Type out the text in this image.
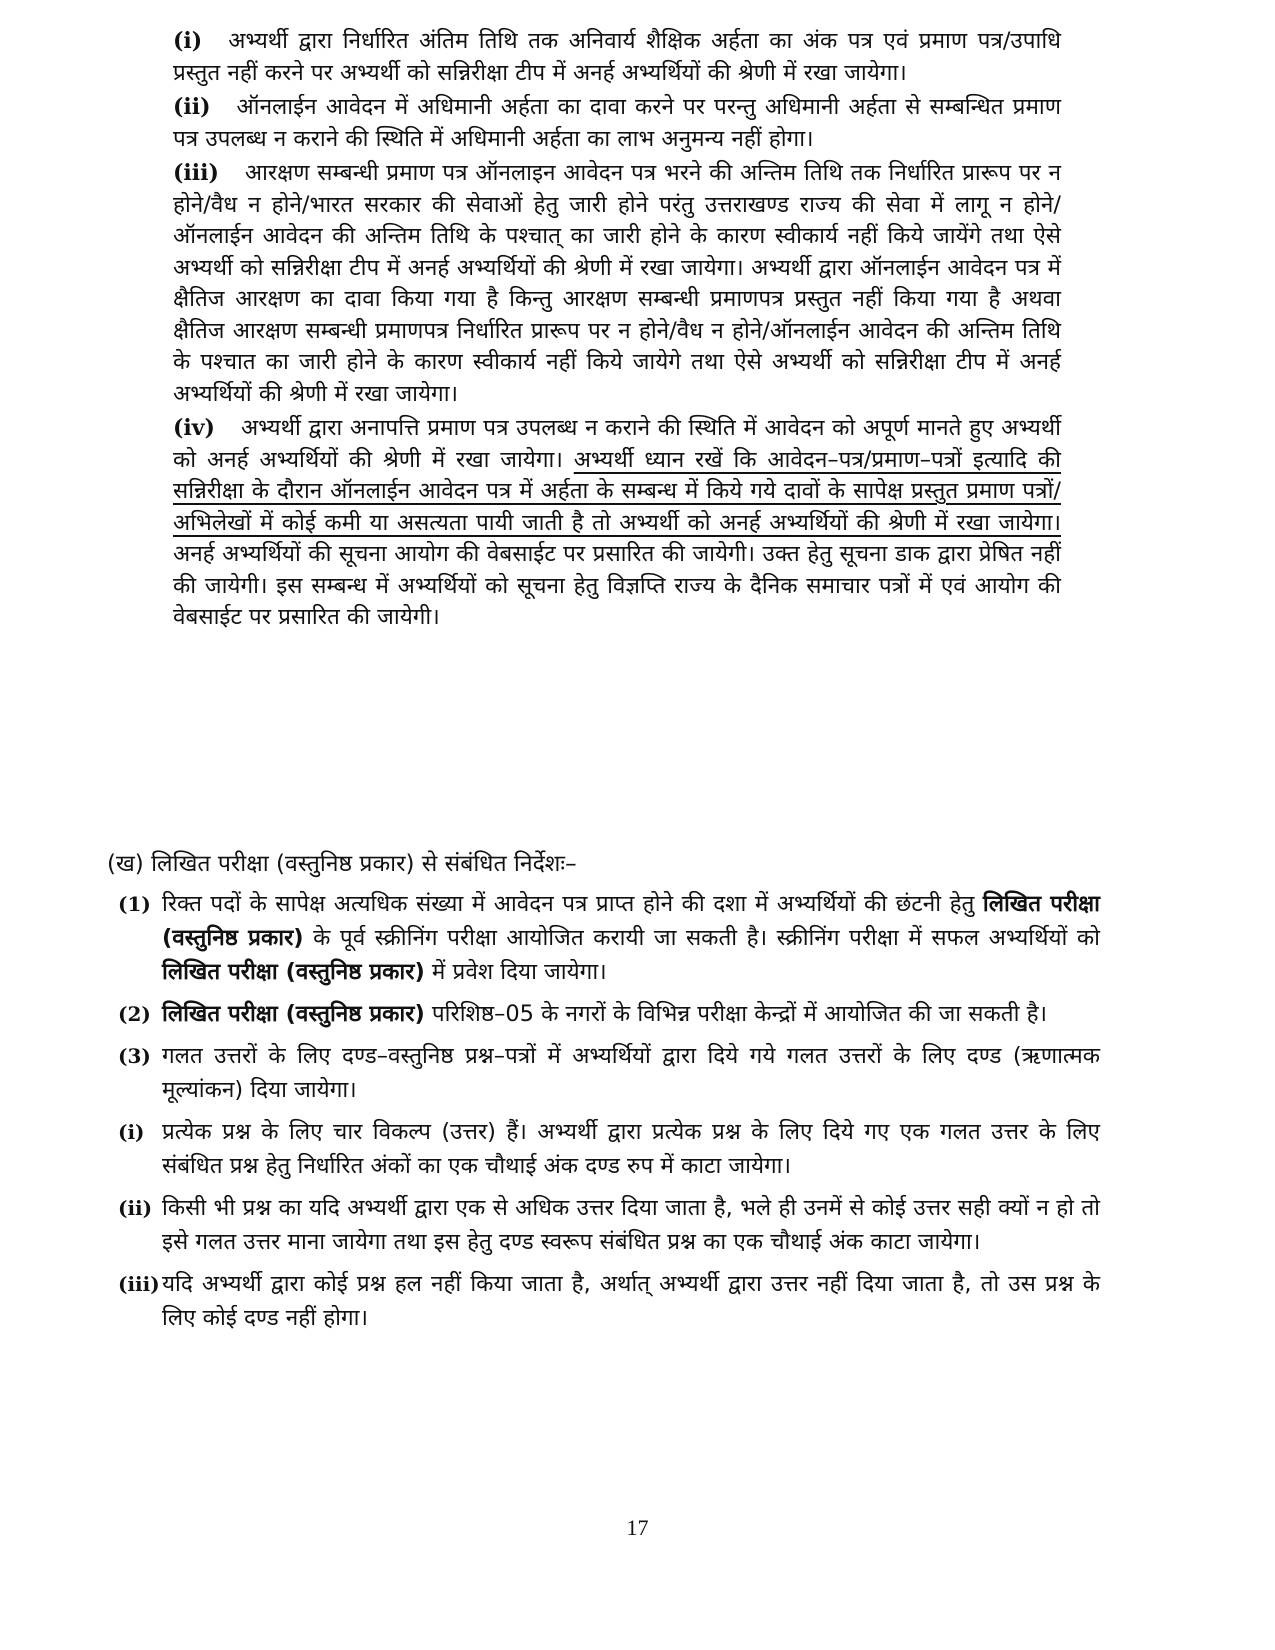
(i) अभ्यर्थी द्वारा निर्धारित अंतिम तिथि तक अनिवार्य शैक्षिक अर्हता का अंक पत्र एवं प्रमाण पत्र/उपाधि प्रस्तुत नहीं करने पर अभ्यर्थी को सन्निरीक्षा टीप में अनर्ह अभ्यर्थियों की श्रेणी में रखा जायेगा।

(ii) ऑनलाईन आवेदन में अधिमानी अर्हता का दावा करने पर परन्तु अधिमानी अर्हता से सम्बन्धित प्रमाण पत्र उपलब्ध न कराने की स्थिति में अधिमानी अर्हता का लाभ अनुमन्य नहीं होगा।

(iii) आरक्षण सम्बन्धी प्रमाण पत्र ऑनलाइन आवेदन पत्र भरने की अन्तिम तिथि तक निर्धारित प्रारूप पर न होने/वैध न होने/भारत सरकार की सेवाओं हेतु जारी होने परंतु उत्तराखण्ड राज्य की सेवा में लागू न होने/ऑनलाईन आवेदन की अन्तिम तिथि के पश्चात् का जारी होने के कारण स्वीकार्य नहीं किये जायेंगे तथा ऐसे अभ्यर्थी को सन्निरीक्षा टीप में अनर्ह अभ्यर्थियों की श्रेणी में रखा जायेगा। अभ्यर्थी द्वारा ऑनलाईन आवेदन पत्र में क्षैतिज आरक्षण का दावा किया गया है किन्तु आरक्षण सम्बन्धी प्रमाणपत्र प्रस्तुत नहीं किया गया है अथवा क्षैतिज आरक्षण सम्बन्धी प्रमाणपत्र निर्धारित प्रारूप पर न होने/वैध न होने/ऑनलाईन आवेदन की अन्तिम तिथि के पश्चात का जारी होने के कारण स्वीकार्य नहीं किये जायेगे तथा ऐसे अभ्यर्थी को सन्निरीक्षा टीप में अनर्ह अभ्यर्थियों की श्रेणी में रखा जायेगा।

(iv) अभ्यर्थी द्वारा अनापत्ति प्रमाण पत्र उपलब्ध न कराने की स्थिति में आवेदन को अपूर्ण मानते हुए अभ्यर्थी को अनर्ह अभ्यर्थियों की श्रेणी में रखा जायेगा। अभ्यर्थी ध्यान रखें कि आवेदन–पत्र/प्रमाण–पत्रों इत्यादि की सन्निरीक्षा के दौरान ऑनलाईन आवेदन पत्र में अर्हता के सम्बन्ध में किये गये दावों के सापेक्ष प्रस्तुत प्रमाण पत्रों/अभिलेखों में कोई कमी या असत्यता पायी जाती है तो अभ्यर्थी को अनर्ह अभ्यर्थियों की श्रेणी में रखा जायेगा। अनर्ह अभ्यर्थियों की सूचना आयोग की वेबसाईट पर प्रसारित की जायेगी। उक्त हेतु सूचना डाक द्वारा प्रेषित नहीं की जायेगी। इस सम्बन्ध में अभ्यर्थियों को सूचना हेतु विज्ञप्ति राज्य के दैनिक समाचार पत्रों में एवं आयोग की वेबसाईट पर प्रसारित की जायेगी।

(ख) लिखित परीक्षा (वस्तुनिष्ठ प्रकार) से संबंधित निर्देशः–
(1) रिक्त पदों के सापेक्ष अत्यधिक संख्या में आवेदन पत्र प्राप्त होने की दशा में अभ्यर्थियों की छंटनी हेतु लिखित परीक्षा (वस्तुनिष्ठ प्रकार) के पूर्व स्क्रीनिंग परीक्षा आयोजित करायी जा सकती है। स्क्रीनिंग परीक्षा में सफल अभ्यर्थियों को लिखित परीक्षा (वस्तुनिष्ठ प्रकार) में प्रवेश दिया जायेगा।
(2) लिखित परीक्षा (वस्तुनिष्ठ प्रकार) परिशिष्ठ–05 के नगरों के विभिन्न परीक्षा केन्द्रों में आयोजित की जा सकती है।
(3) गलत उत्तरों के लिए दण्ड–वस्तुनिष्ठ प्रश्न–पत्रों में अभ्यर्थियों द्वारा दिये गये गलत उत्तरों के लिए दण्ड (ऋणात्मक मूल्यांकन) दिया जायेगा।
(i) प्रत्येक प्रश्न के लिए चार विकल्प (उत्तर) हैं। अभ्यर्थी द्वारा प्रत्येक प्रश्न के लिए दिये गए एक गलत उत्तर के लिए संबंधित प्रश्न हेतु निर्धारित अंकों का एक चौथाई अंक दण्ड रुप में काटा जायेगा।
(ii) किसी भी प्रश्न का यदि अभ्यर्थी द्वारा एक से अधिक उत्तर दिया जाता है, भले ही उनमें से कोई उत्तर सही क्यों न हो तो इसे गलत उत्तर माना जायेगा तथा इस हेतु दण्ड स्वरूप संबंधित प्रश्न का एक चौथाई अंक काटा जायेगा।
(iii) यदि अभ्यर्थी द्वारा कोई प्रश्न हल नहीं किया जाता है, अर्थात् अभ्यर्थी द्वारा उत्तर नहीं दिया जाता है, तो उस प्रश्न के लिए कोई दण्ड नहीं होगा।
17
